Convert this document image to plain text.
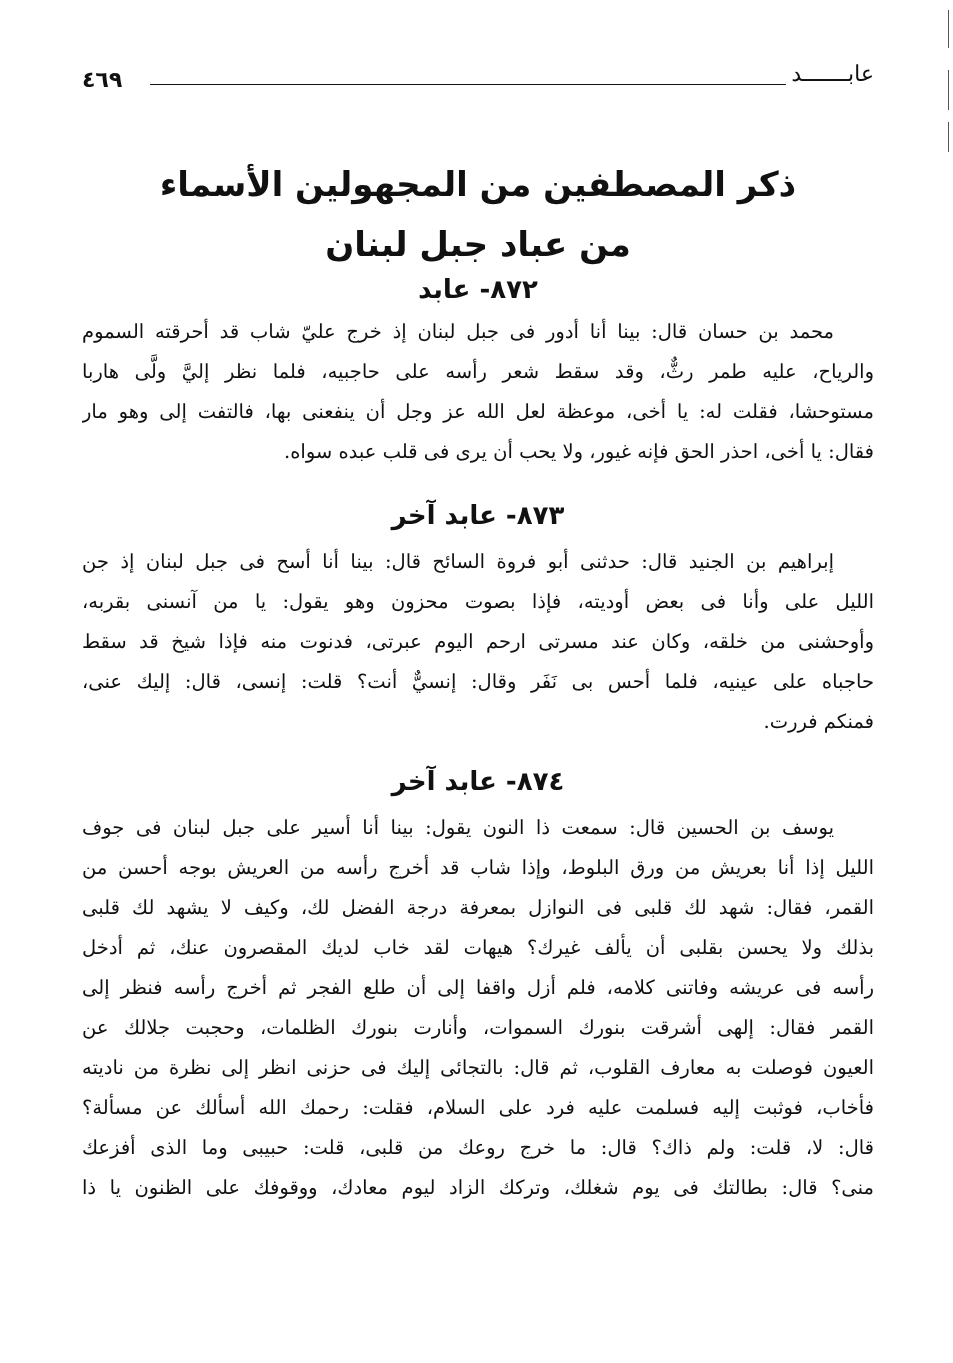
عابـــــــد
٤٦٩
ذكر المصطفين من المجهولين الأسماء
من عباد جبل لبنان
٨٧٢- عابد
محمد بن حسان قال: بينا أنا أدور فى جبل لبنان إذ خرج عليّ شاب قد أحرقته السموم
والرياح، عليه طمر رثٌّ، وقد سقط شعر رأسه على حاجبيه، فلما نظر إليَّ ولَّى هاربا
مستوحشا، فقلت له: يا أخى، موعظة لعل الله عز وجل أن ينفعنى بها، فالتفت إلى وهو مار
فقال: يا أخى، احذر الحق فإنه غيور، ولا يحب أن يرى فى قلب عبده سواه.
٨٧٣- عابد آخر
إبراهيم بن الجنيد قال: حدثنى أبو فروة السائح قال: بينا أنا أسح فى جبل لبنان إذ جن
الليل على وأنا فى بعض أوديته، فإذا بصوت محزون وهو يقول: يا من آنسنى بقربه،
وأوحشنى من خلقه، وكان عند مسرتى ارحم اليوم عبرتى، فدنوت منه فإذا شيخ قد سقط
حاجباه على عينيه، فلما أحس بى نَفَر وقال: إنسيٌّ أنت؟ قلت: إنسى، قال: إليك عنى،
فمنكم فررت.
٨٧٤- عابد آخر
يوسف بن الحسين قال: سمعت ذا النون يقول: بينا أنا أسير على جبل لبنان فى جوف
الليل إذا أنا بعريش من ورق البلوط، وإذا شاب قد أخرج رأسه من العريش بوجه أحسن من
القمر، فقال: شهد لك قلبى فى النوازل بمعرفة درجة الفضل لك، وكيف لا يشهد لك قلبى
بذلك ولا يحسن بقلبى أن يألف غيرك؟ هيهات لقد خاب لديك المقصرون عنك، ثم أدخل
رأسه فى عريشه وفاتنى كلامه، فلم أزل واقفا إلى أن طلع الفجر ثم أخرج رأسه فنظر إلى
القمر فقال: إلهى أشرقت بنورك السموات، وأنارت بنورك الظلمات، وحجبت جلالك عن
العيون فوصلت به معارف القلوب، ثم قال: بالتجائى إليك فى حزنى انظر إلى نظرة من ناديته
فأخاب، فوثبت إليه فسلمت عليه فرد على السلام، فقلت: رحمك الله أسألك عن مسألة؟
قال: لا، قلت: ولم ذاك؟ قال: ما خرج روعك من قلبى، قلت: حبيبى وما الذى أفزعك
منى؟ قال: بطالتك فى يوم شغلك، وتركك الزاد ليوم معادك، ووقوفك على الظنون يا ذا
